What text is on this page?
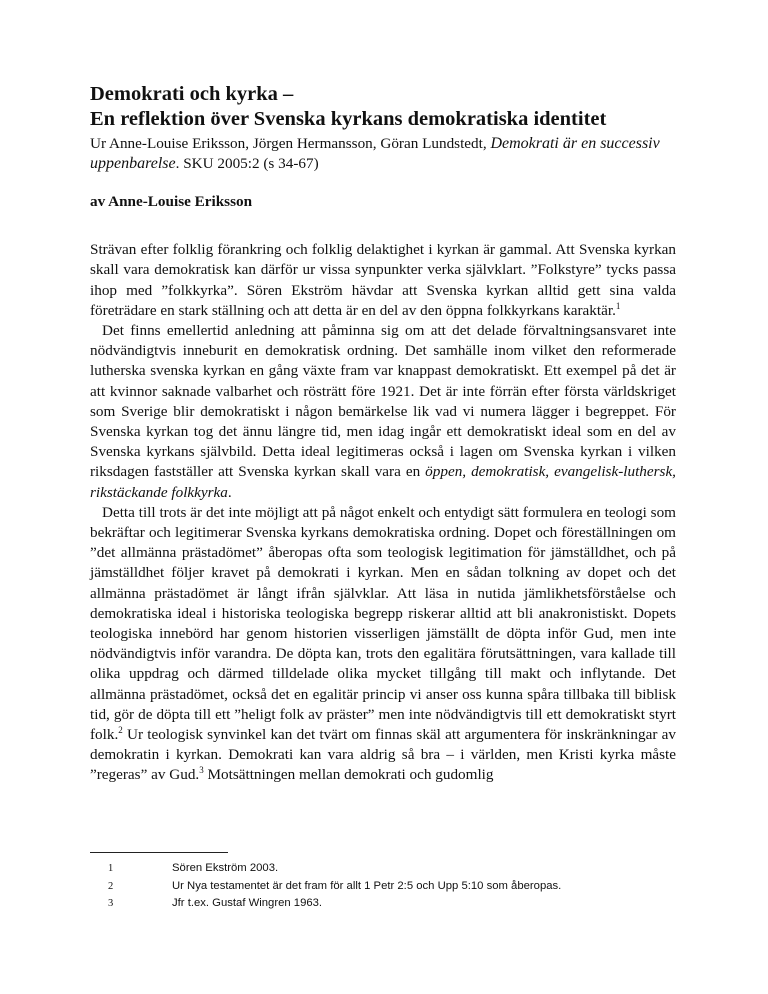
Demokrati och kyrka –
En reflektion över Svenska kyrkans demokratiska identitet

Ur Anne-Louise Eriksson, Jörgen Hermansson, Göran Lundstedt, Demokrati är en successiv uppenbarelse. SKU 2005:2 (s 34-67)

av Anne-Louise Eriksson

Strävan efter folklig förankring och folklig delaktighet i kyrkan är gammal. Att Svenska kyrkan skall vara demokratisk kan därför ur vissa synpunkter verka självklart. ”Folkstyre” tycks passa ihop med ”folkkyrka”. Sören Ekström hävdar att Svenska kyrkan alltid gett sina valda företrädare en stark ställning och att detta är en del av den öppna folkkyrkans karaktär.$^1$

Det finns emellertid anledning att påminna sig om att det delade förvaltningsansvaret inte nödvändigtvis inneburit en demokratisk ordning. Det samhälle inom vilket den reformerade lutherska svenska kyrkan en gång växte fram var knappast demokratiskt. Ett exempel på det är att kvinnor saknade valbarhet och rösträtt före 1921. Det är inte förrän efter första världskriget som Sverige blir demokratiskt i någon bemärkelse lik vad vi numera lägger i begreppet. För Svenska kyrkan tog det ännu längre tid, men idag ingår ett demokratiskt ideal som en del av Svenska kyrkans självbild. Detta ideal legitimeras också i lagen om Svenska kyrkan i vilken riksdagen fastställer att Svenska kyrkan skall vara en öppen, demokratisk, evangelisk-luthersk, rikstäckande folkkyrka.

Detta till trots är det inte möjligt att på något enkelt och entydigt sätt formulera en teologi som bekräftar och legitimerar Svenska kyrkans demokratiska ordning. Dopet och föreställningen om ”det allmänna prästadömet” åberopas ofta som teologisk legitimation för jämställdhet, och på jämställdhet följer kravet på demokrati i kyrkan. Men en sådan tolkning av dopet och det allmänna prästadömet är långt ifrån självklar. Att läsa in nutida jämlikhetsförståelse och demokratiska ideal i historiska teologiska begrepp riskerar alltid att bli anakronistiskt. Dopets teologiska innebörd har genom historien visserligen jämställt de döpta inför Gud, men inte nödvändigtvis inför varandra. De döpta kan, trots den egalitära förutsättningen, vara kallade till olika uppdrag och därmed tilldelade olika mycket tillgång till makt och inflytande. Det allmänna prästadömet, också det en egalitär princip vi anser oss kunna spåra tillbaka till biblisk tid, gör de döpta till ett ”heligt folk av präster” men inte nödvändigtvis till ett demokratiskt styrt folk.$^2$ Ur teologisk synvinkel kan det tvärt om finnas skäl att argumentera för inskränkningar av demokratin i kyrkan. Demokrati kan vara aldrig så bra – i världen, men Kristi kyrka måste ”regeras” av Gud.$^3$ Motsättningen mellan demokrati och gudomlig

1	Sören Ekström 2003.
2	Ur Nya testamentet är det fram för allt 1 Petr 2:5 och Upp 5:10 som åberopas.
3	Jfr t.ex. Gustaf Wingren 1963.
